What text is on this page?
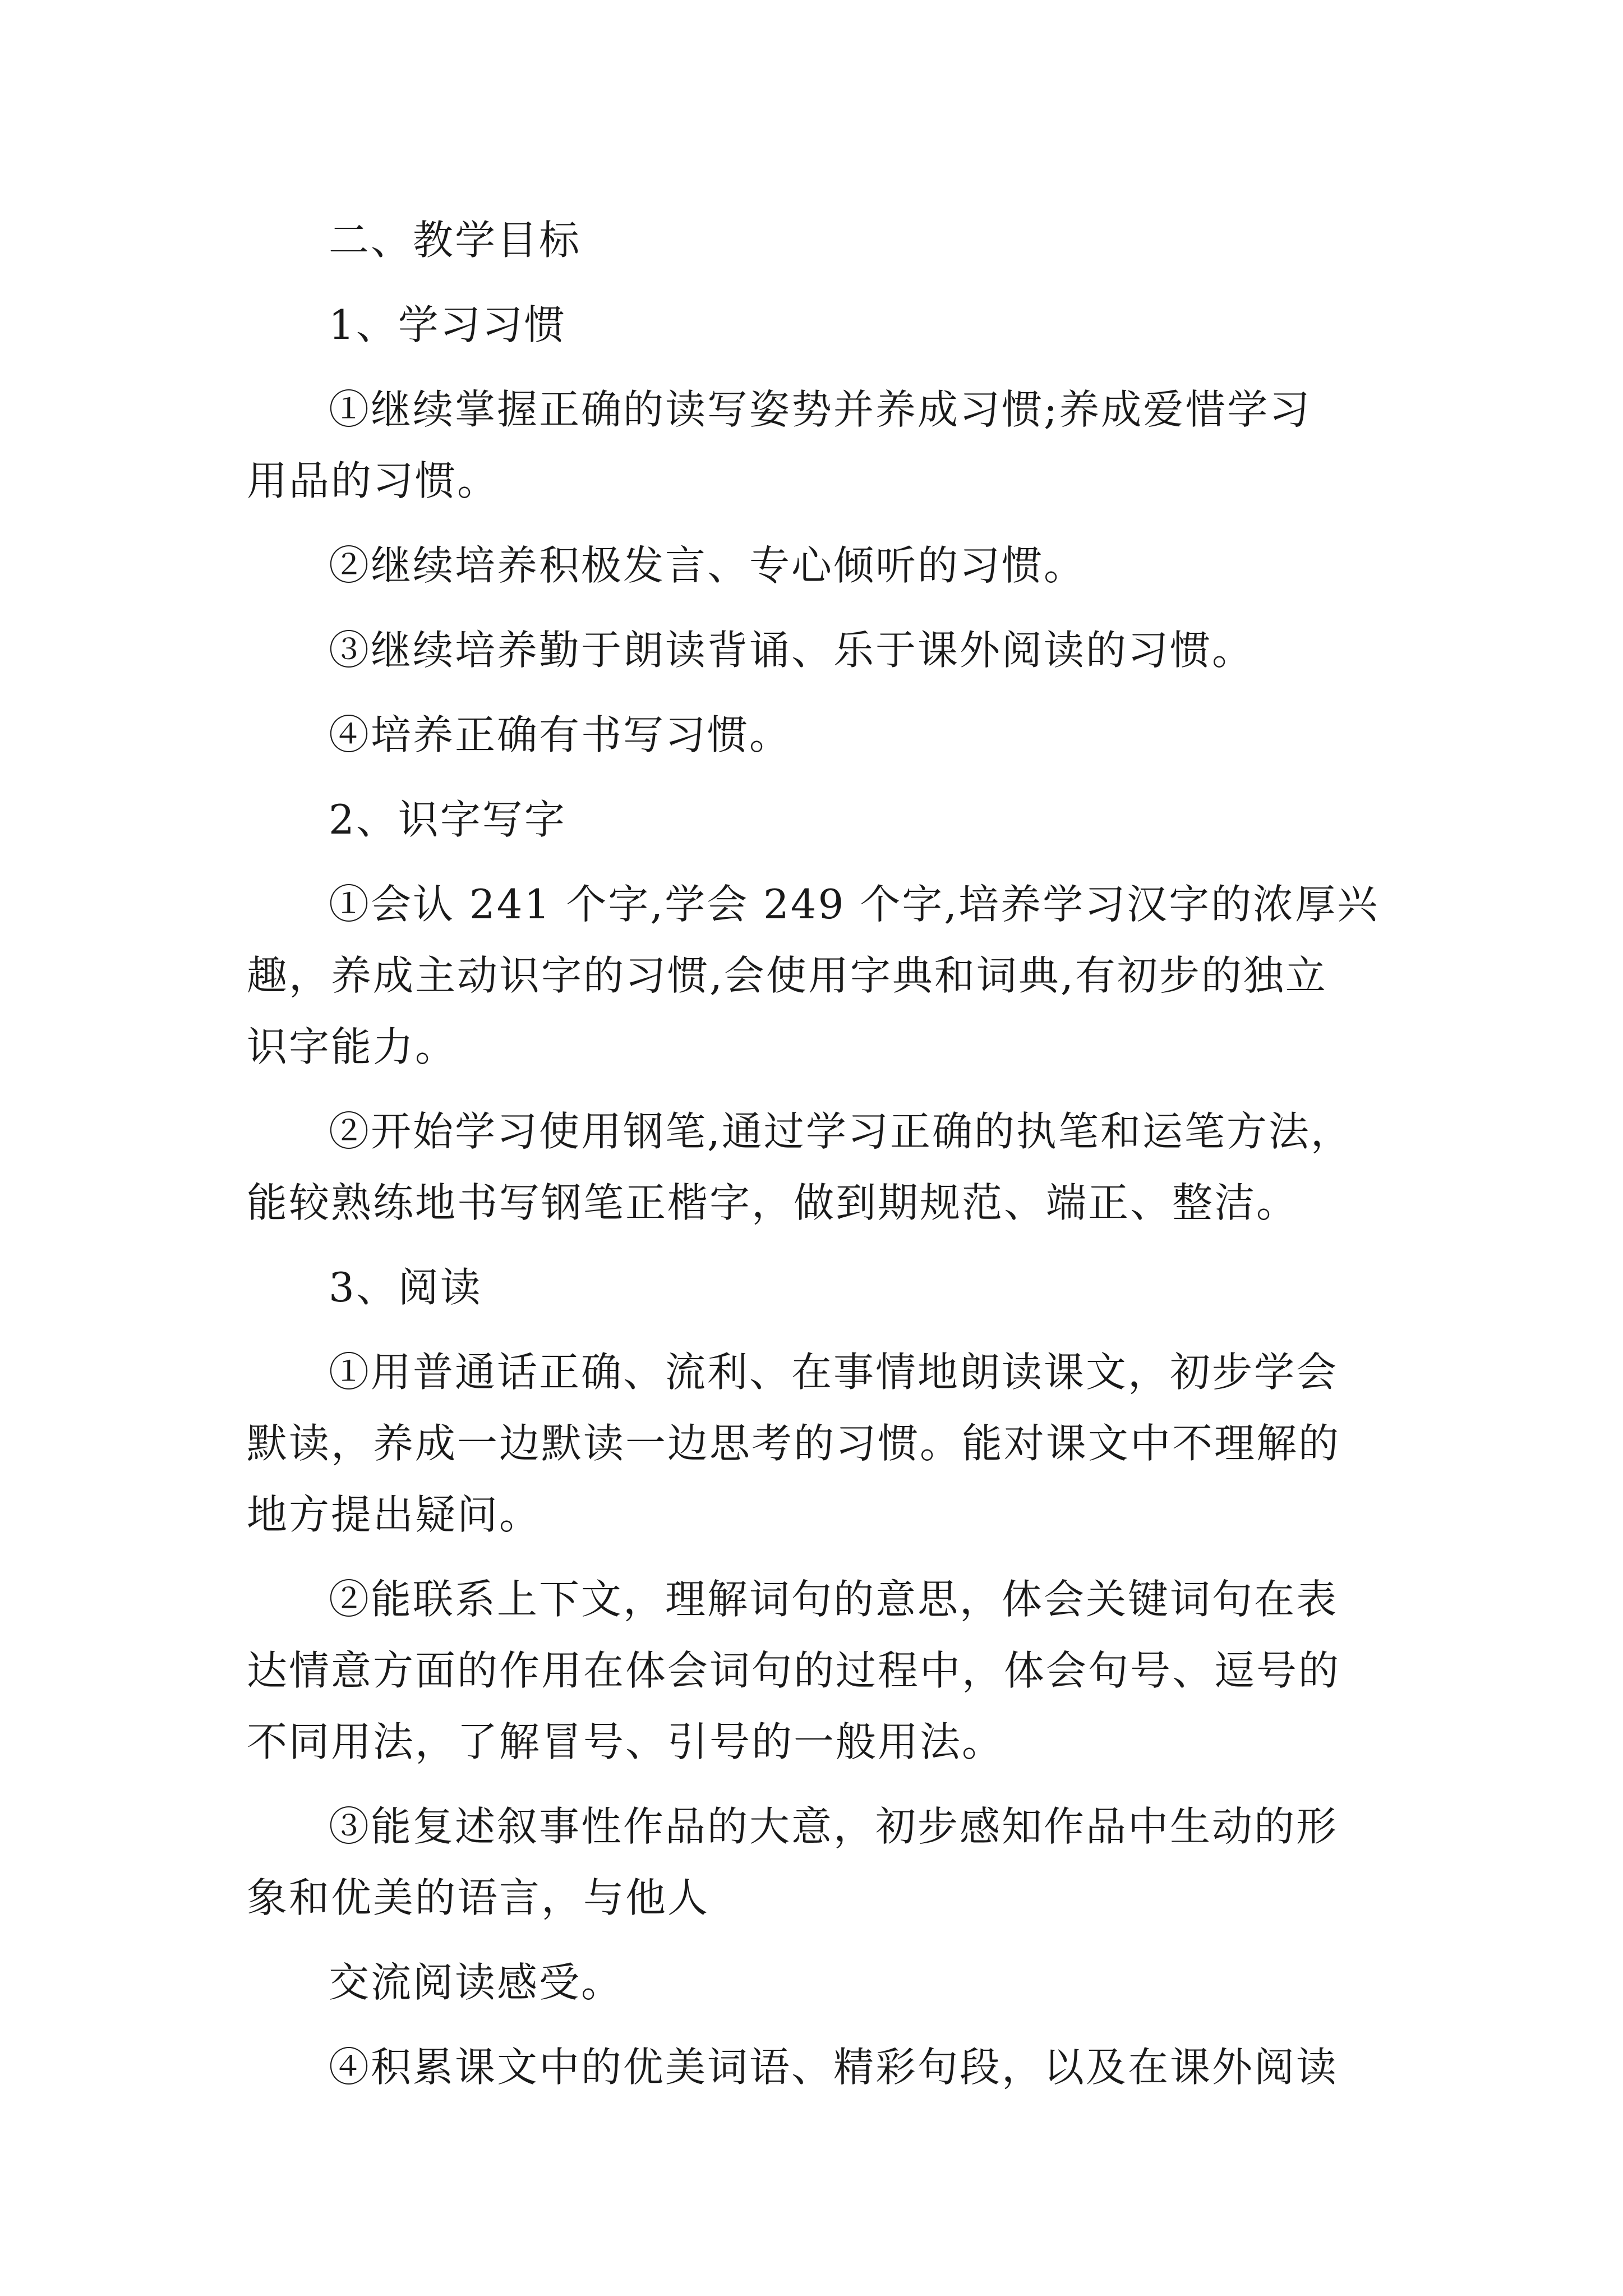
二、教学目标
1、学习习惯
①继续掌握正确的读写姿势并养成习惯;养成爱惜学习
用品的习惯。
②继续培养积极发言、专心倾听的习惯。
③继续培养勤于朗读背诵、乐于课外阅读的习惯。
④培养正确有书写习惯。
2、识字写字
①会认 241 个字,学会 249 个字,培养学习汉字的浓厚兴
趣，养成主动识字的习惯,会使用字典和词典,有初步的独立
识字能力。
②开始学习使用钢笔,通过学习正确的执笔和运笔方法，
能较熟练地书写钢笔正楷字，做到期规范、端正、整洁。
3、阅读
①用普通话正确、流利、在事情地朗读课文，初步学会
默读，养成一边默读一边思考的习惯。能对课文中不理解的
地方提出疑问。
②能联系上下文，理解词句的意思，体会关键词句在表
达情意方面的作用在体会词句的过程中，体会句号、逗号的
不同用法，了解冒号、引号的一般用法。
③能复述叙事性作品的大意，初步感知作品中生动的形
象和优美的语言，与他人
交流阅读感受。
④积累课文中的优美词语、精彩句段，以及在课外阅读
